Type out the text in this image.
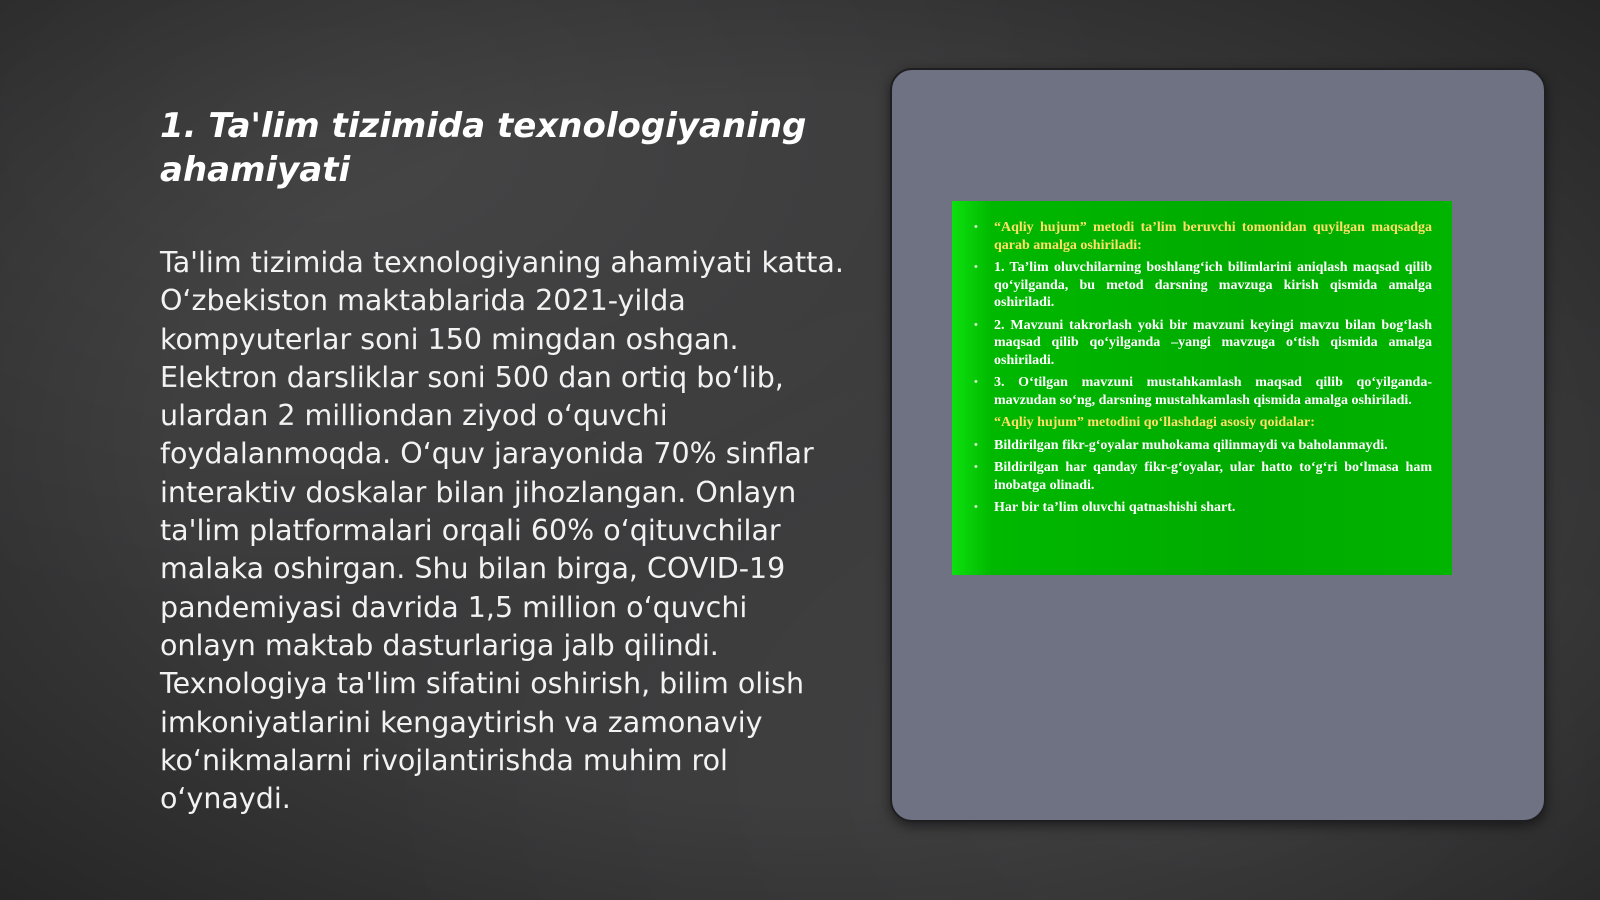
1. Ta'lim tizimida texnologiyaning ahamiyati

Ta'lim tizimida texnologiyaning ahamiyati katta. O‘zbekiston maktablarida 2021-yilda kompyuterlar soni 150 mingdan oshgan. Elektron darsliklar soni 500 dan ortiq bo‘lib, ulardan 2 milliondan ziyod o‘quvchi foydalanmoqda. O‘quv jarayonida 70% sinflar interaktiv doskalar bilan jihozlangan. Onlayn ta'lim platformalari orqali 60% o‘qituvchilar malaka oshirgan. Shu bilan birga, COVID-19 pandemiyasi davrida 1,5 million o‘quvchi onlayn maktab dasturlariga jalb qilindi. Texnologiya ta'lim sifatini oshirish, bilim olish imkoniyatlarini kengaytirish va zamonaviy ko‘nikmalarni rivojlantirishda muhim rol o‘ynaydi.

• “Aqliy hujum” metodi ta’lim beruvchi tomonidan quyilgan maqsadga qarab amalga oshiriladi:
• 1. Ta’lim oluvchilarning boshlang‘ich bilimlarini aniqlash maqsad qilib qo‘yilganda, bu metod darsning mavzuga kirish qismida amalga oshiriladi.
• 2. Mavzuni takrorlash yoki bir mavzuni keyingi mavzu bilan bog‘lash maqsad qilib qo‘yilganda –yangi mavzuga o‘tish qismida amalga oshiriladi.
• 3. O‘tilgan mavzuni mustahkamlash maqsad qilib qo‘yilganda-mavzudan so‘ng, darsning mustahkamlash qismida amalga oshiriladi.
“Aqliy hujum” metodini qo‘llashdagi asosiy qoidalar:
• Bildirilgan fikr-g‘oyalar muhokama qilinmaydi va baholanmaydi.
• Bildirilgan har qanday fikr-g‘oyalar, ular hatto to‘g‘ri bo‘lmasa ham inobatga olinadi.
• Har bir ta’lim oluvchi qatnashishi shart.
